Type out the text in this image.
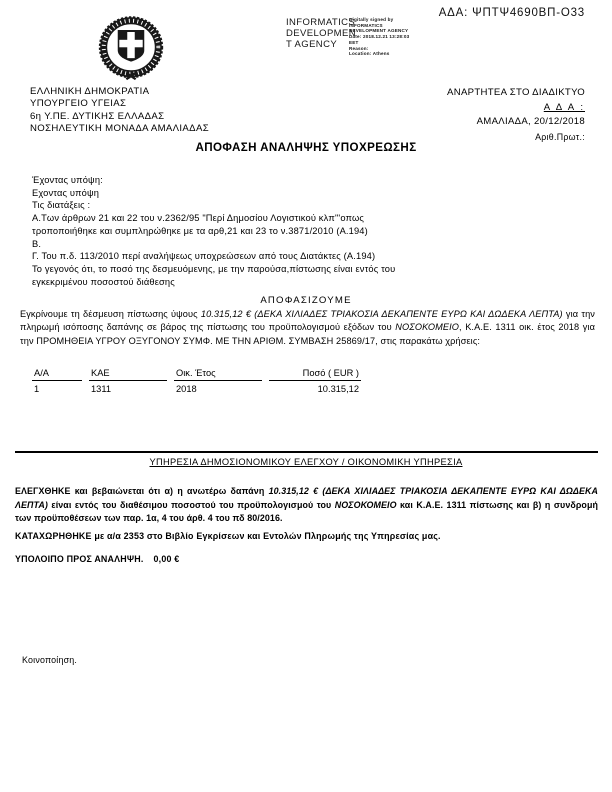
ΑΔΑ: ΨΠΤΨ4690ΒΠ-Ο33
INFORMATICS
DEVELOPMEN
T AGENCY
Digitally signed by
INFORMATICS
DEVELOPMENT AGENCY
Date: 2018.12.21 13:28:03
EET
Reason:
Location: Athens
ΕΛΛΗΝΙΚΗ ΔΗΜΟΚΡΑΤΙΑ
ΥΠΟΥΡΓΕΙΟ ΥΓΕΙΑΣ
6η Υ.ΠΕ. ΔΥΤΙΚΗΣ ΕΛΛΑΔΑΣ
ΝΟΣΗΛΕΥΤΙΚΗ ΜΟΝΑΔΑ ΑΜΑΛΙΑΔΑΣ
ΑΝΑΡΤΗΤΕΑ ΣΤΟ ΔΙΑΔΙΚΤΥΟ
Α Δ Α :
ΑΜΑΛΙΑΔΑ, 20/12/2018
Αριθ.Πρωτ.:
ΑΠΟΦΑΣΗ ΑΝΑΛΗΨΗΣ ΥΠΟΧΡΕΩΣΗΣ
Έχοντας υπόψη:
Εχοντας υπόψη
Τις διατάξεις :
Α.Των άρθρων 21 και 22 του ν.2362/95 "Περί Δημοσίου Λογιστικού κλπ"'οπως
τροποποιήθηκε και συμπληρώθηκε με τα αρθ,21 και 23 το ν.3871/2010 (Α.194)
Β.
Γ. Του π.δ. 113/2010 περί αναλήψεως υποχρεώσεων από τους Διατάκτες (Α.194)
Το γεγονός ότι, το ποσό της δεσμευόμενης, με την παρούσα,πίστωσης είναι εντός του
εγκεκριμένου ποσοστού διάθεσης
ΑΠΟΦΑΣΙΖΟΥΜΕ
Εγκρίνουμε τη δέσμευση πίστωσης ύψους 10.315,12 € (ΔΕΚΑ ΧΙΛΙΑΔΕΣ ΤΡΙΑΚΟΣΙΑ ΔΕΚΑΠΕΝΤΕ ΕΥΡΩ ΚΑΙ ΔΩΔΕΚΑ ΛΕΠΤΑ) για την πληρωμή ισόποσης δαπάνης σε βάρος της πίστωσης του προϋπολογισμού εξόδων του ΝΟΣΟΚΟΜΕΙΟ, Κ.Α.Ε. 1311 οικ. έτος 2018 για την ΠΡΟΜΗΘΕΙΑ ΥΓΡΟΥ ΟΞΥΓΟΝΟΥ ΣΥΜΦ. ΜΕ ΤΗΝ ΑΡΙΘΜ. ΣΥΜΒΑΣΗ 25869/17, στις παρακάτω χρήσεις:
Α/Α	ΚΑΕ	Οικ. Έτος	Ποσό ( EUR )
1	1311	2018	10.315,12
ΥΠΗΡΕΣΙΑ ΔΗΜΟΣΙΟΝΟΜΙΚΟΥ ΕΛΕΓΧΟΥ / ΟΙΚΟΝΟΜΙΚΗ ΥΠΗΡΕΣΙΑ
ΕΛΕΓΧΘΗΚΕ και βεβαιώνεται ότι α) η ανωτέρω δαπάνη 10.315,12 € (ΔΕΚΑ ΧΙΛΙΑΔΕΣ ΤΡΙΑΚΟΣΙΑ ΔΕΚΑΠΕΝΤΕ ΕΥΡΩ ΚΑΙ ΔΩΔΕΚΑ ΛΕΠΤΑ) είναι εντός του διαθέσιμου ποσοστού του προϋπολογισμού του ΝΟΣΟΚΟΜΕΙΟ και Κ.Α.Ε. 1311 πίστωσης και β) η συνδρομή των προϋποθέσεων των παρ. 1α, 4 του άρθ. 4 του πδ 80/2016.
ΚΑΤΑΧΩΡΗΘΗΚΕ με α/α 2353 στο Βιβλίο Εγκρίσεων και Εντολών Πληρωμής της Υπηρεσίας μας.
ΥΠΟΛΟΙΠΟ ΠΡΟΣ ΑΝΑΛΗΨΗ. 0,00 €
Κοινοποίηση.
